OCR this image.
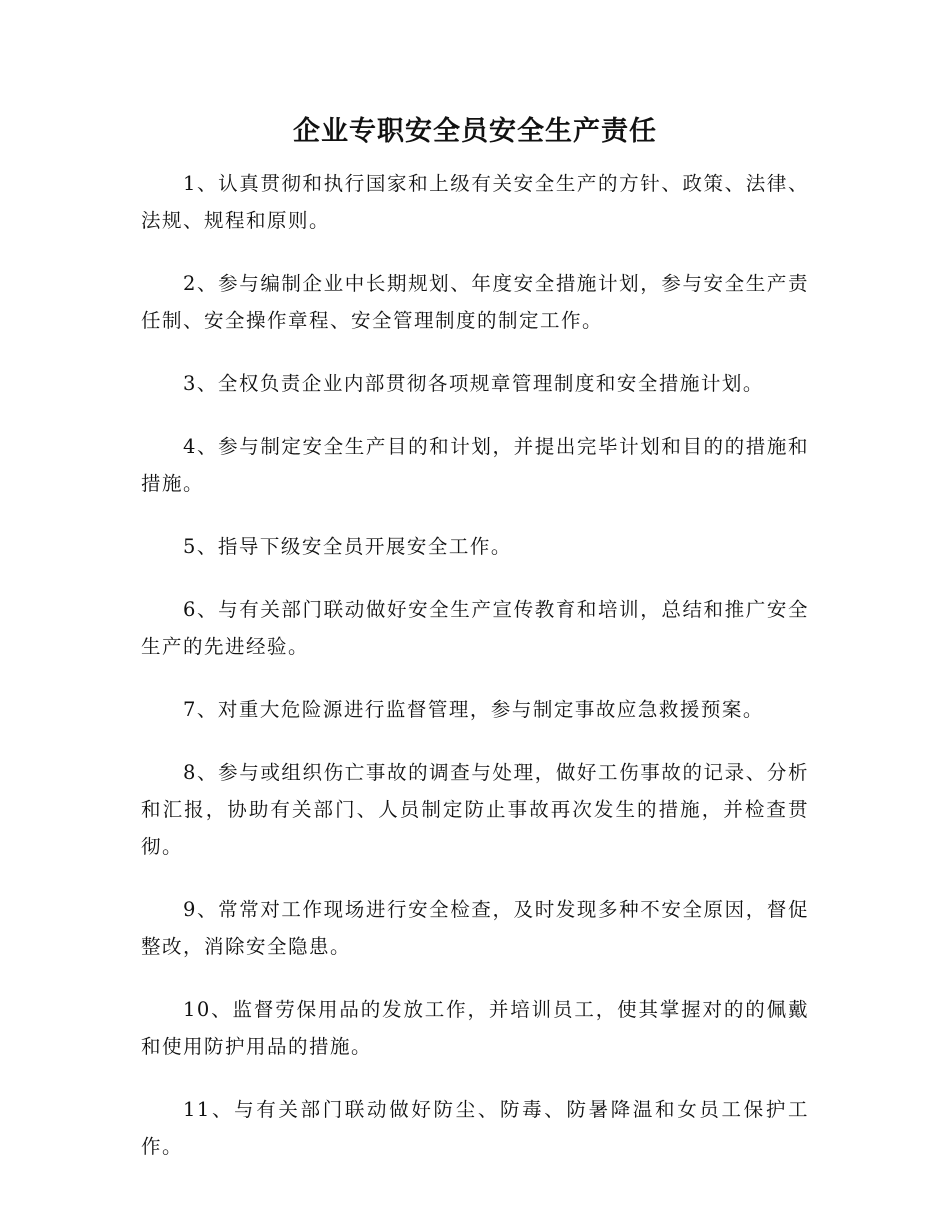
企业专职安全员安全生产责任

1、认真贯彻和执行国家和上级有关安全生产的方针、政策、法律、法规、规程和原则。

2、参与编制企业中长期规划、年度安全措施计划，参与安全生产责任制、安全操作章程、安全管理制度的制定工作。

3、全权负责企业内部贯彻各项规章管理制度和安全措施计划。

4、参与制定安全生产目的和计划，并提出完毕计划和目的的措施和措施。

5、指导下级安全员开展安全工作。

6、与有关部门联动做好安全生产宣传教育和培训，总结和推广安全生产的先进经验。

7、对重大危险源进行监督管理，参与制定事故应急救援预案。

8、参与或组织伤亡事故的调查与处理，做好工伤事故的记录、分析和汇报，协助有关部门、人员制定防止事故再次发生的措施，并检查贯彻。

9、常常对工作现场进行安全检查，及时发现多种不安全原因，督促整改，消除安全隐患。

10、监督劳保用品的发放工作，并培训员工，使其掌握对的的佩戴和使用防护用品的措施。

11、与有关部门联动做好防尘、防毒、防暑降温和女员工保护工作。
